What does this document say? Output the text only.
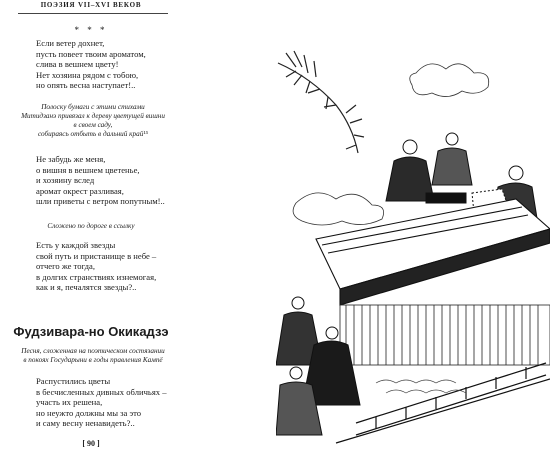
ПОЭЗИЯ VII–XVI ВЕКОВ
* * *
Если ветер дохнет,
пусть повеет твоим ароматом,
слива в вешнем цвету!
Нет хозяина рядом с тобою,
но опять весна наступает!..
Полоску бумаги с этими стихами
Митидзанэ привязал к дереву цветущей вишни
в своем саду,
собираясь отбыть в дальний край¹⁵
Не забудь же меня,
о вишня в вешнем цветенье,
и хозяину вслед
аромат окрест разливая,
шли приветы с ветром попутным!..
Сложено по дороге в ссылку
Есть у каждой звезды
свой путь и пристанище в небе –
отчего же тогда,
в долгих странствиях изнемогая,
как и я, печалятся звезды?..
Фудзивара-но Окикадзэ
Песня, сложенная на поэтическом состязании
в покоях Государыни в годы правления Кампё
Распустились цветы
в бесчисленных дивных обличьях –
участь их решена,
но неужто должны мы за это
и саму весну ненавидеть?..
[ 90 ]
